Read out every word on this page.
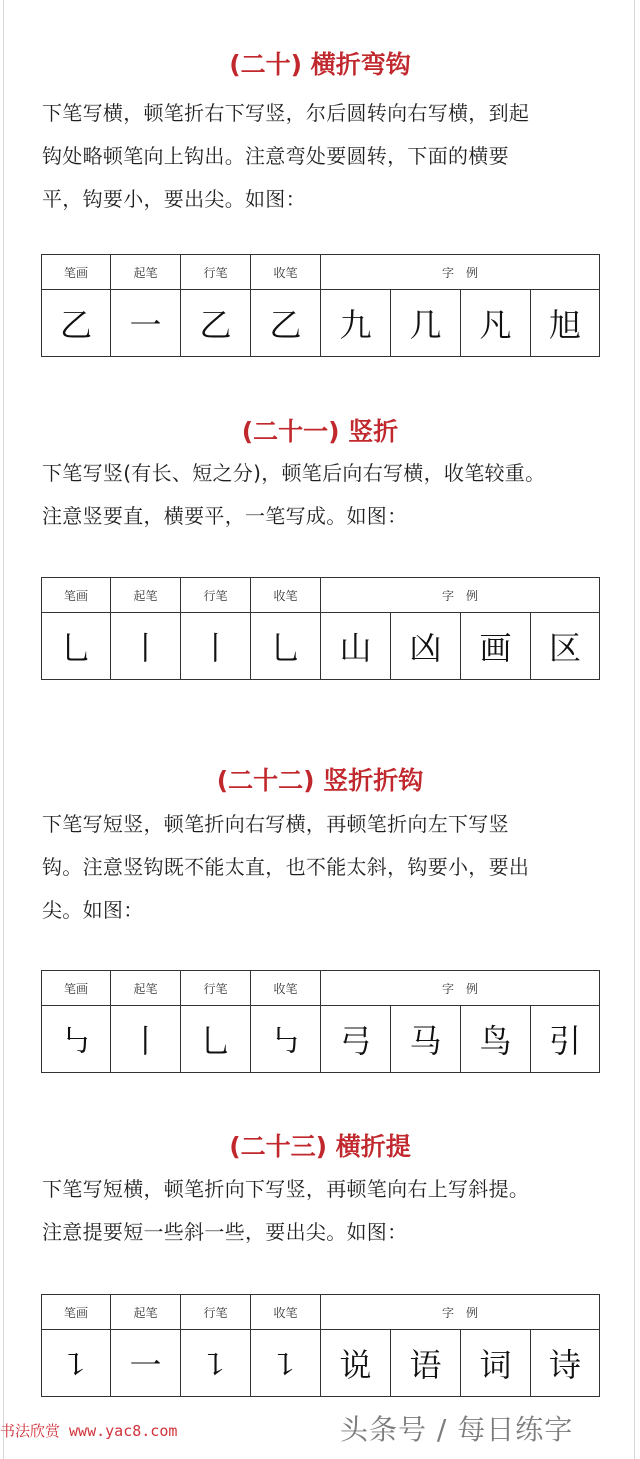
(二十) 横折弯钩

下笔写横，顿笔折右下写竖，尔后圆转向右写横，到起

钩处略顿笔向上钩出。注意弯处要圆转，下面的横要

平，钩要小，要出尖。如图：

笔画	起笔	行笔	收笔	字　例			
乙	一	乙	乙	九	几	凡	旭
(二十一) 竖折

下笔写竖(有长、短之分)，顿笔后向右写横，收笔较重。

注意竖要直，横要平，一笔写成。如图：

笔画	起笔	行笔	收笔	字　例			
乚	丨	丨	乚	山	凶	画	区
(二十二) 竖折折钩

下笔写短竖，顿笔折向右写横，再顿笔折向左下写竖

钩。注意竖钩既不能太直，也不能太斜，钩要小，要出

尖。如图：

笔画	起笔	行笔	收笔	字　例			
㇉	丨	乚	㇉	弓	马	鸟	引
(二十三) 横折提

下笔写短横，顿笔折向下写竖，再顿笔向右上写斜提。

注意提要短一些斜一些，要出尖。如图：

笔画	起笔	行笔	收笔	字　例			
㇊	一	㇊	㇊	说	语	词	诗
书法欣赏 www.yac8.com	头条号 / 每日练字
